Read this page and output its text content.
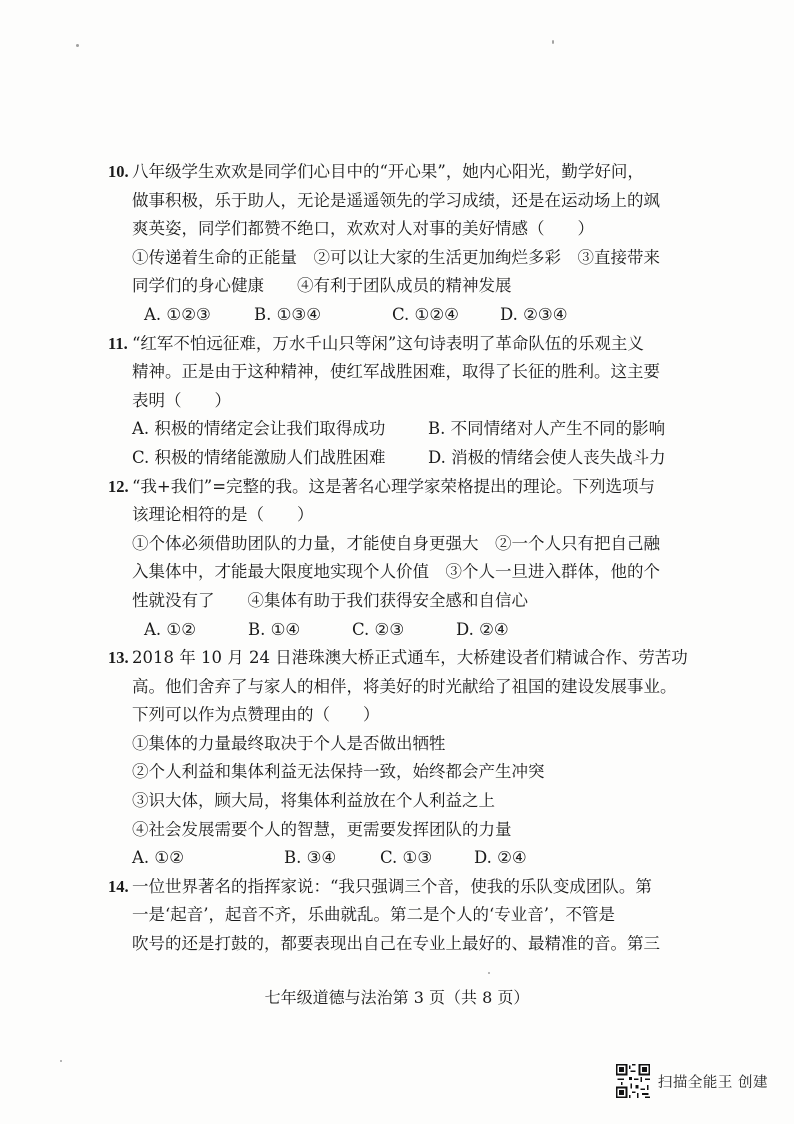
10. 八年级学生欢欢是同学们心目中的“开心果”，她内心阳光，勤学好问，
做事积极，乐于助人，无论是遥遥领先的学习成绩，还是在运动场上的飒
爽英姿，同学们都赞不绝口，欢欢对人对事的美好情感（　　）
①传递着生命的正能量　②可以让大家的生活更加绚烂多彩　③直接带来
同学们的身心健康　　④有利于团队成员的精神发展
A. ①②③	B. ①③④	C. ①②④ D. ②③④
11. “红军不怕远征难，万水千山只等闲”这句诗表明了革命队伍的乐观主义
精神。正是由于这种精神，使红军战胜困难，取得了长征的胜利。这主要
表明（　　）
A. 积极的情绪定会让我们取得成功	B. 不同情绪对人产生不同的影响
C. 积极的情绪能激励人们战胜困难	D. 消极的情绪会使人丧失战斗力
12. “我+我们”=完整的我。这是著名心理学家荣格提出的理论。下列选项与
该理论相符的是（　　）
①个体必须借助团队的力量，才能使自身更强大　②一个人只有把自己融
入集体中，才能最大限度地实现个人价值　③个人一旦进入群体，他的个
性就没有了　　④集体有助于我们获得安全感和自信心
A. ①②	B. ①④	C. ②③	D. ②④
13. 2018 年 10 月 24 日港珠澳大桥正式通车，大桥建设者们精诚合作、劳苦功
高。他们舍弃了与家人的相伴，将美好的时光献给了祖国的建设发展事业。
下列可以作为点赞理由的（　　）
①集体的力量最终取决于个人是否做出牺牲
②个人利益和集体利益无法保持一致，始终都会产生冲突
③识大体，顾大局，将集体利益放在个人利益之上
④社会发展需要个人的智慧，更需要发挥团队的力量
A. ①②	B. ③④	C. ①③	D. ②④
14. 一位世界著名的指挥家说：“我只强调三个音，使我的乐队变成团队。第
一是‘起音’，起音不齐，乐曲就乱。第二是个人的‘专业音’，不管是
吹号的还是打鼓的，都要表现出自己在专业上最好的、最精准的音。第三
七年级道德与法治第 3 页（共 8 页）
扫描全能王 创建
